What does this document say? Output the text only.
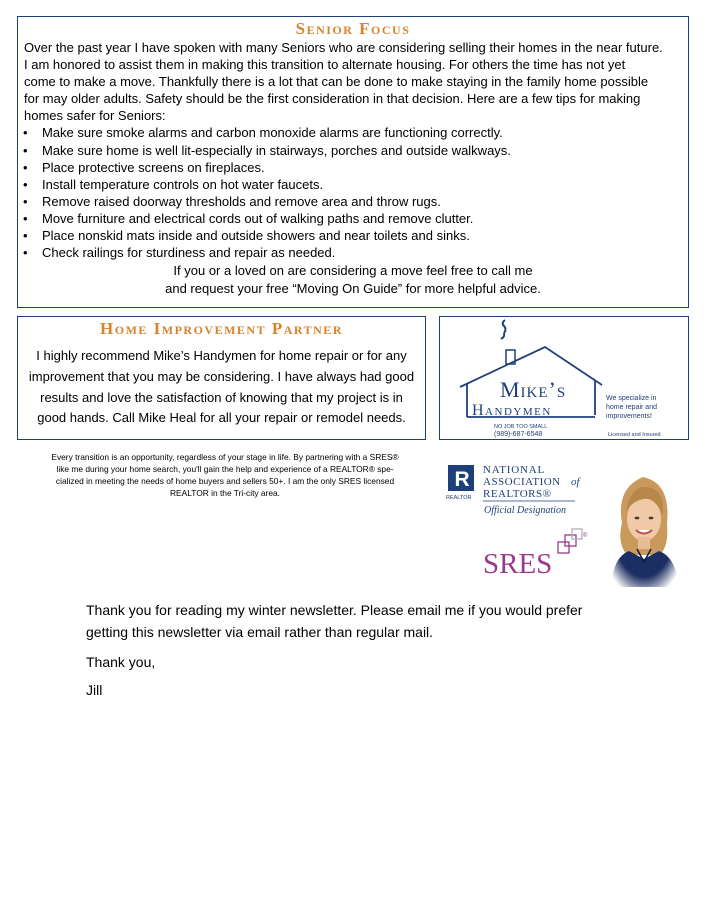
Senior Focus

Over the past year I have spoken with many Seniors who are considering selling their homes in the near future.
I am honored to assist them in making this transition to alternate housing. For others the time has not yet
come to make a move. Thankfully there is a lot that can be done to make staying in the family home possible
for may older adults. Safety should be the first consideration in that decision. Here are a few tips for making
homes safer for Seniors:

• Make sure smoke alarms and carbon monoxide alarms are functioning correctly.
• Make sure home is well lit-especially in stairways, porches and outside walkways.
• Place protective screens on fireplaces.
• Install temperature controls on hot water faucets.
• Remove raised doorway thresholds and remove area and throw rugs.
• Move furniture and electrical cords out of walking paths and remove clutter.
• Place nonskid mats inside and outside showers and near toilets and sinks.
• Check railings for sturdiness and repair as needed.

If you or a loved on are considering a move feel free to call me
and request your free “Moving On Guide” for more helpful advice.

Home Improvement Partner

I highly recommend Mike’s Handymen for home repair or for any
improvement that you may be considering. I have always had good
results and love the satisfaction of knowing that my project is in
good hands. Call Mike Heal for all your repair or remodel needs.

Mike’s
Handymen
NO JOB TOO SMALL
(989)-687-6548
We specialize in
home repair and
improvements!
Licensed and Insured

Every transition is an opportunity, regardless of your stage in life. By partnering with a SRES®
like me during your home search, you'll gain the help and experience of a REALTOR® spe-
cialized in meeting the needs of home buyers and sellers 50+. I am the only SRES licensed
REALTOR in the Tri-city area.

R
REALTOR
NATIONAL
ASSOCIATION of
REALTORS®
Official Designation
SRES
®

Thank you for reading my winter newsletter. Please email me if you would prefer

getting this newsletter via email rather than regular mail.

Thank you,

Jill
